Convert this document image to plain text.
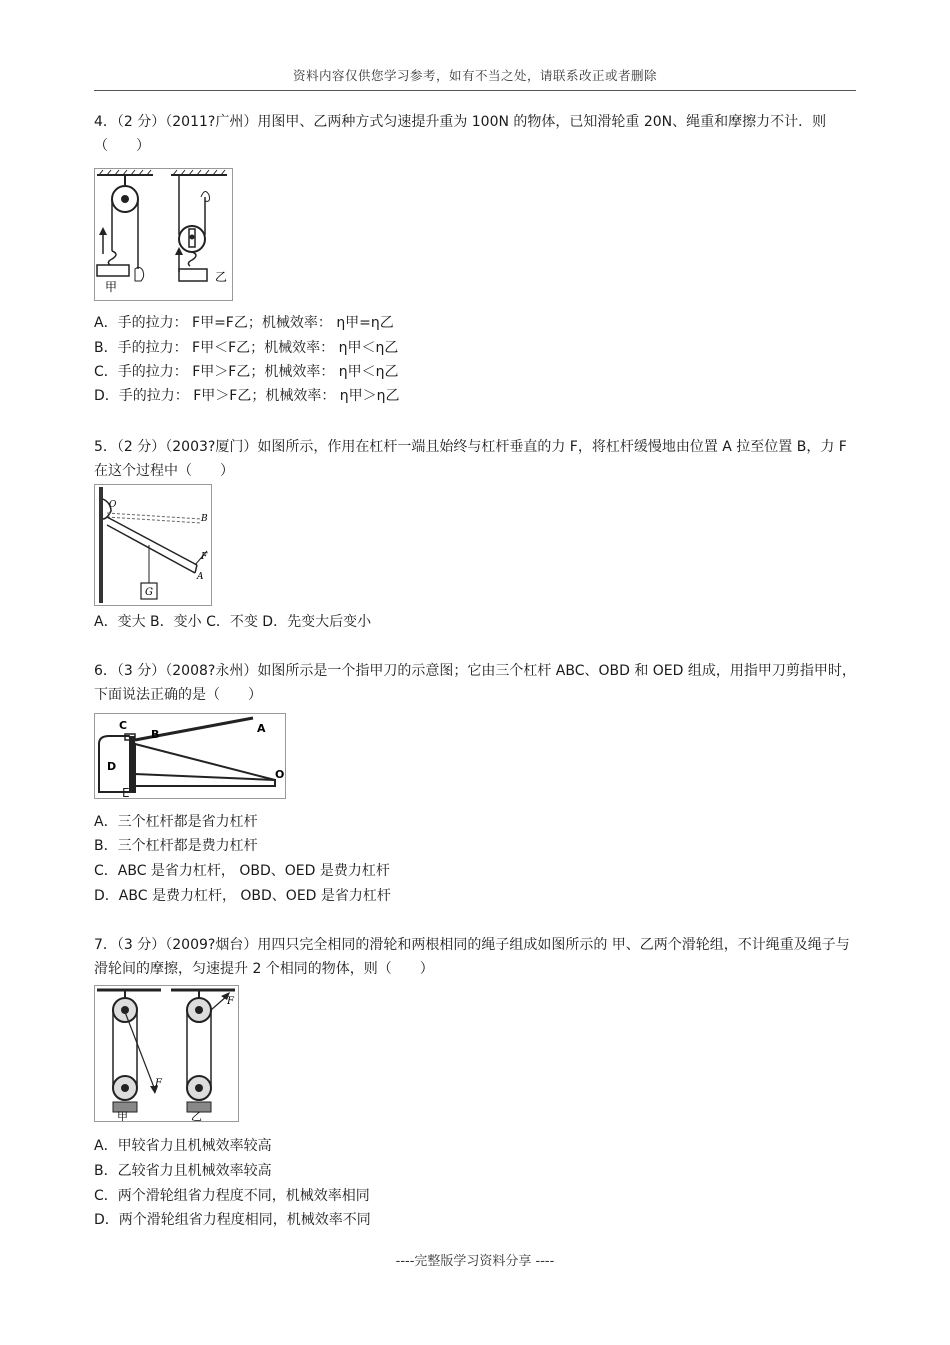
资料内容仅供您学习参考，如有不当之处，请联系改正或者删除

4．（2 分）（2011?广州）用图甲、乙两种方式匀速提升重为 100N 的物体，已知滑轮重 20N、绳重和摩擦力不计．则（　　）

甲
乙
A．手的拉力： F甲=F乙；机械效率： η甲=η乙
B．手的拉力： F甲＜F乙；机械效率： η甲＜η乙
C．手的拉力： F甲＞F乙；机械效率： η甲＜η乙
D．手的拉力： F甲＞F乙；机械效率： η甲＞η乙

5．（2 分）（2003?厦门）如图所示，作用在杠杆一端且始终与杠杆垂直的力 F，将杠杆缓慢地由位置 A 拉至位置 B，力 F 在这个过程中（　　）

O
B
F
A
G
A．变大 B．变小 C．不变 D．先变大后变小

6．（3 分）（2008?永州）如图所示是一个指甲刀的示意图；它由三个杠杆 ABC、OBD 和 OED 组成，用指甲刀剪指甲时，下面说法正确的是（　　）

C
B	A
D
O
E
A．三个杠杆都是省力杠杆
B．三个杠杆都是费力杠杆
C．ABC 是省力杠杆， OBD、OED 是费力杠杆
D．ABC 是费力杠杆， OBD、OED 是省力杠杆

7．（3 分）（2009?烟台）用四只完全相同的滑轮和两根相同的绳子组成如图所示的 甲、乙两个滑轮组，不计绳重及绳子与滑轮间的摩擦，匀速提升 2 个相同的物体，则（　　）

F
甲
F
乙
A．甲较省力且机械效率较高
B．乙较省力且机械效率较高
C．两个滑轮组省力程度不同，机械效率相同
D．两个滑轮组省力程度相同，机械效率不同
----完整版学习资料分享 ----
